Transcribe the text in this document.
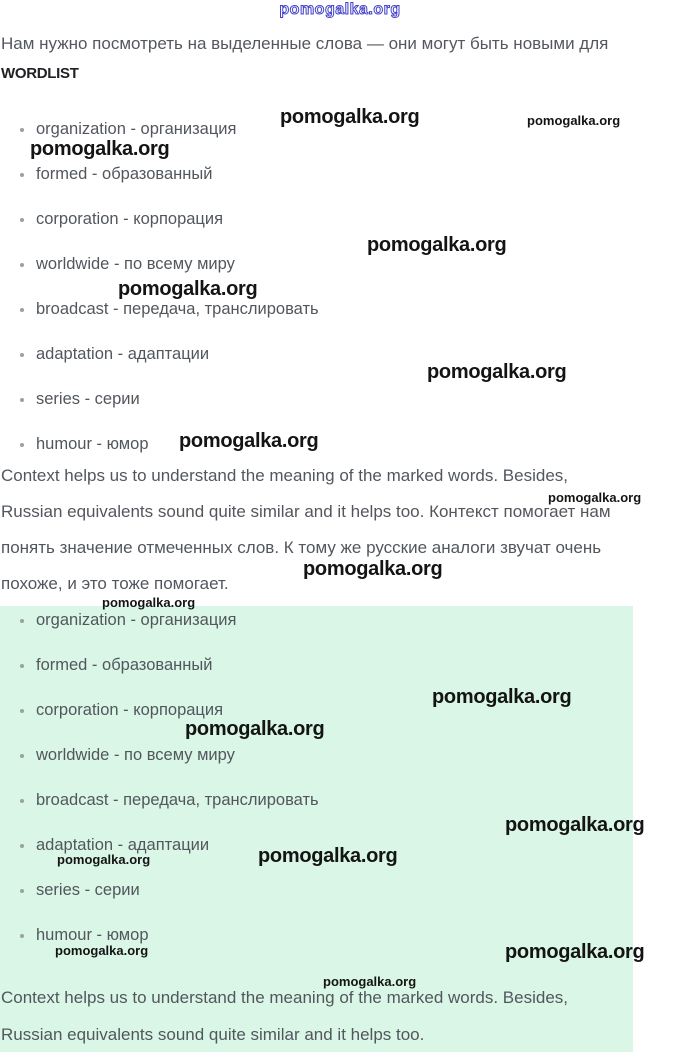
pomogalka.org
Нам нужно посмотреть на выделенные слова — они могут быть новыми для
WORDLIST
organization - организация
formed - образованный
corporation - корпорация
worldwide - по всему миру
broadcast - передача, транслировать
adaptation - адаптации
series - серии
humour - юмор
Context helps us to understand the meaning of the marked words. Besides,
Russian equivalents sound quite similar and it helps too. Контекст помогает нам
понять значение отмеченных слов. К тому же русские аналоги звучат очень
похоже, и это тоже помогает.
organization - организация
formed - образованный
corporation - корпорация
worldwide - по всему миру
broadcast - передача, транслировать
adaptation - адаптации
series - серии
humour - юмор
Context helps us to understand the meaning of the marked words. Besides,
Russian equivalents sound quite similar and it helps too.
pomogalka.org	pomogalka.org
pomogalka.org
pomogalka.org
pomogalka.org
pomogalka.org
pomogalka.org
pomogalka.org
pomogalka.org
pomogalka.org
pomogalka.org
pomogalka.org
pomogalka.org
pomogalka.org
pomogalka.org
pomogalka.org	pomogalka.org
pomogalka.org
